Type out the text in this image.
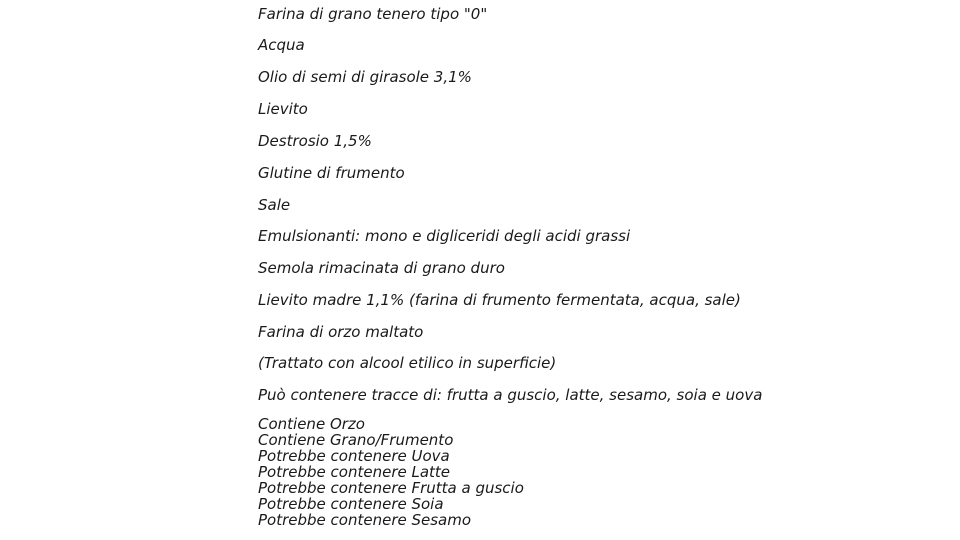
Farina di grano tenero tipo "0"
Acqua
Olio di semi di girasole 3,1%
Lievito
Destrosio 1,5%
Glutine di frumento
Sale
Emulsionanti: mono e digliceridi degli acidi grassi
Semola rimacinata di grano duro
Lievito madre 1,1% (farina di frumento fermentata, acqua, sale)
Farina di orzo maltato
(Trattato con alcool etilico in superficie)
Può contenere tracce di: frutta a guscio, latte, sesamo, soia e uova
Contiene Orzo
Contiene Grano/Frumento
Potrebbe contenere Uova
Potrebbe contenere Latte
Potrebbe contenere Frutta a guscio
Potrebbe contenere Soia
Potrebbe contenere Sesamo
